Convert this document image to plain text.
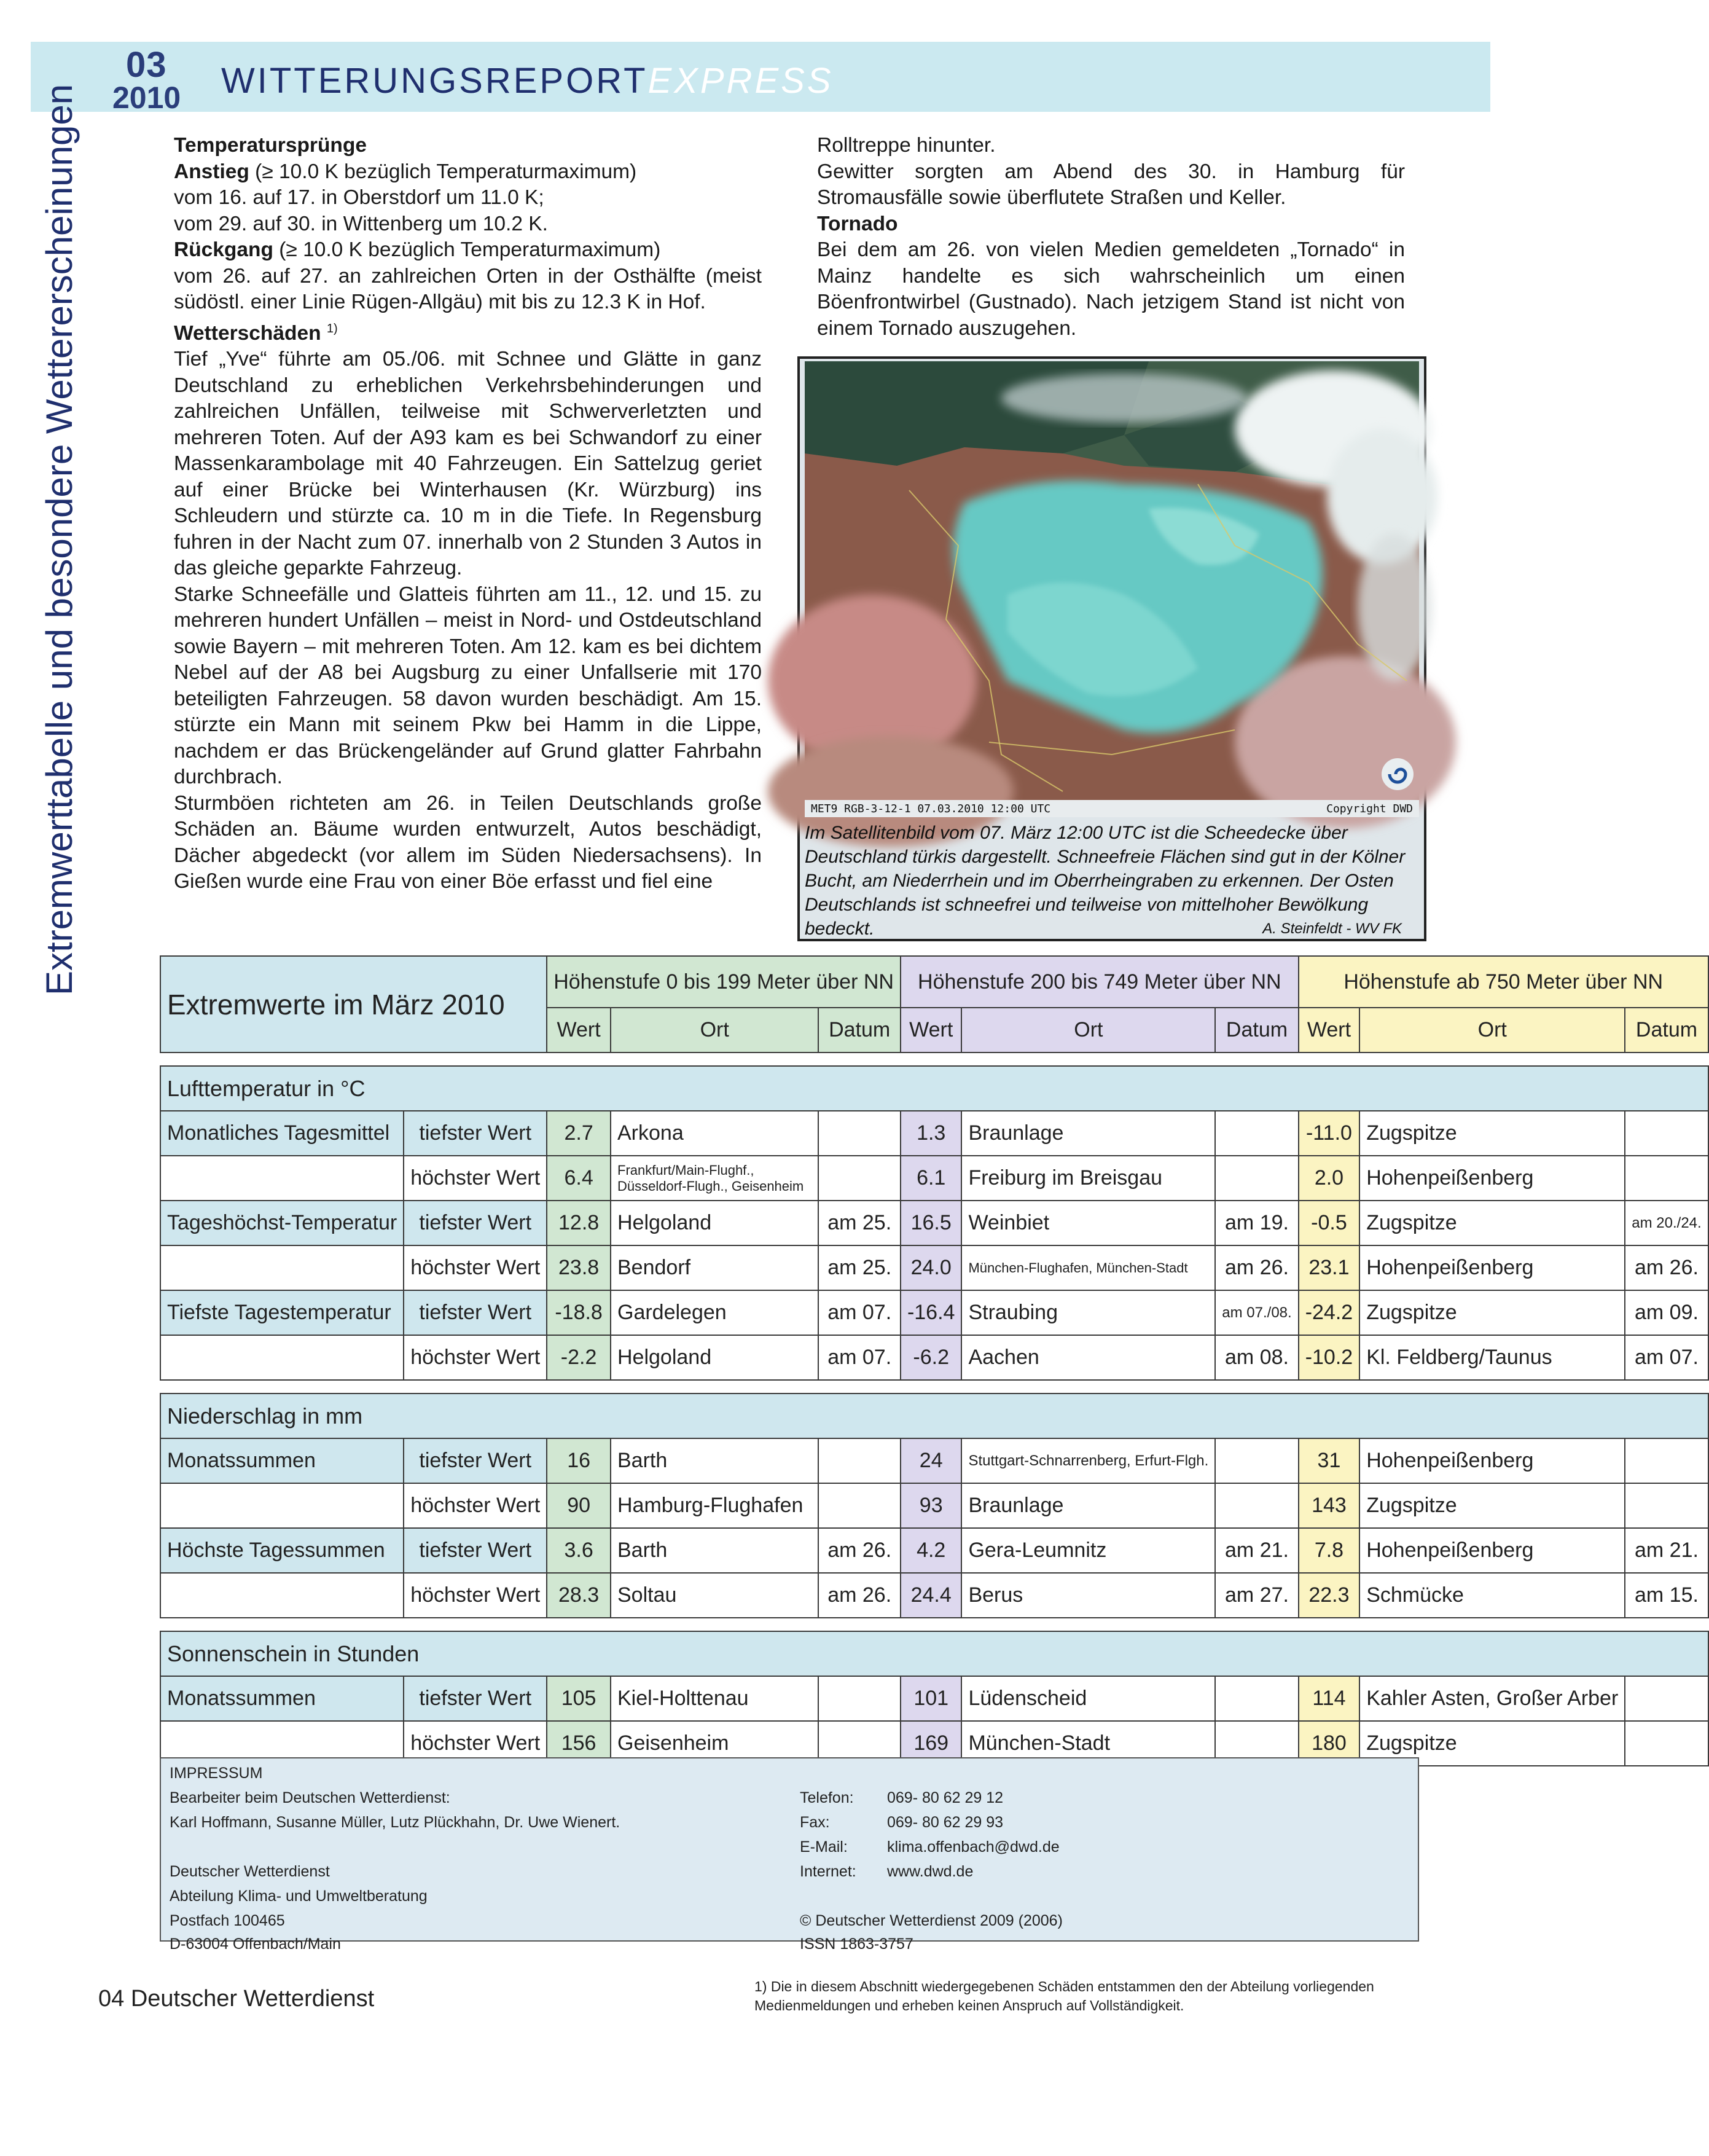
03
2010 WITTERUNGSREPORTEXPRESS
Extremwerttabelle und besondere Wettererscheinungen	Temperatursprünge

Anstieg (≥ 10.0 K bezüglich Temperaturmaximum)

vom 16. auf 17. in Oberstdorf um 11.0 K;

vom 29. auf 30. in Wittenberg um 10.2 K.

Rückgang (≥ 10.0 K bezüglich Temperaturmaximum)

vom 26. auf 27. an zahlreichen Orten in der Osthälfte (meist südöstl. einer Linie Rügen-Allgäu) mit bis zu 12.3 K in Hof.

Wetterschäden $^{1)}$

Tief „Yve“ führte am 05./06. mit Schnee und Glätte in ganz Deutschland zu erheblichen Verkehrsbehinderungen und zahlreichen Unfällen, teilweise mit Schwerverletzten und mehreren Toten. Auf der A93 kam es bei Schwandorf zu einer Massenkarambolage mit 40 Fahrzeugen. Ein Sattelzug geriet auf einer Brücke bei Winterhausen (Kr. Würzburg) ins Schleudern und stürzte ca. 10 m in die Tiefe. In Regensburg fuhren in der Nacht zum 07. innerhalb von 2 Stunden 3 Autos in das gleiche geparkte Fahrzeug.

Starke Schneefälle und Glatteis führten am 11., 12. und 15. zu mehreren hundert Unfällen – meist in Nord- und Ostdeutschland sowie Bayern – mit mehreren Toten. Am 12. kam es bei dichtem Nebel auf der A8 bei Augsburg zu einer Unfallserie mit 170 beteiligten Fahrzeugen. 58 davon wurden beschädigt. Am 15. stürzte ein Mann mit seinem Pkw bei Hamm in die Lippe, nachdem er das Brückengeländer auf Grund glatter Fahrbahn durchbrach.

Sturmböen richteten am 26. in Teilen Deutschlands große Schäden an. Bäume wurden entwurzelt, Autos beschädigt, Dächer abgedeckt (vor allem im Süden Niedersachsens). In Gießen wurde eine Frau von einer Böe erfasst und fiel eine

Rolltreppe hinunter.

Gewitter sorgten am Abend des 30. in Hamburg für Stromausfälle sowie überflutete Straßen und Keller.

Tornado

Bei dem am 26. von vielen Medien gemeldeten „Tornado“ in Mainz handelte es sich wahrscheinlich um einen Böenfrontwirbel (Gustnado). Nach jetzigem Stand ist nicht von einem Tornado auszugehen.

MET9 RGB-3-12-1 07.03.2010 12:00 UTC	Copyright DWD
Im Satellitenbild vom 07. März 12:00 UTC ist die Scheedecke über Deutschland türkis dargestellt. Schneefreie Flächen sind gut in der Kölner Bucht, am Niederrhein und im Oberrheingraben zu erkennen. Der Osten Deutschlands ist schneefrei und teilweise von mittelhoher Bewölkung bedeckt.	A. Steinfeldt - WV FK
Extremwerte im März 2010		Höhenstufe 0 bis 199 Meter über NN			Höhenstufe 200 bis 749 Meter über NN			Höhenstufe ab 750 Meter über NN		
		Wert	Ort	Datum	Wert	Ort	Datum	Wert	Ort	Datum

Lufttemperatur in °C										
Monatliches Tagesmittel	tiefster Wert	2.7	Arkona		1.3	Braunlage		-11.0	Zugspitze	
	höchster Wert	6.4	Frankfurt/Main-Flughf., Düsseldorf-Flugh., Geisenheim		6.1	Freiburg im Breisgau		2.0	Hohenpeißenberg	
Tageshöchst-Temperatur	tiefster Wert	12.8	Helgoland	am 25.	16.5	Weinbiet	am 19.	-0.5	Zugspitze	am 20./24.
	höchster Wert	23.8	Bendorf	am 25.	24.0	München-Flughafen, München-Stadt	am 26.	23.1	Hohenpeißenberg	am 26.
Tiefste Tagestemperatur	tiefster Wert	-18.8	Gardelegen	am 07.	-16.4	Straubing	am 07./08.	-24.2	Zugspitze	am 09.
	höchster Wert	-2.2	Helgoland	am 07.	-6.2	Aachen	am 08.	-10.2	Kl. Feldberg/Taunus	am 07.

Niederschlag in mm										
Monatssummen	tiefster Wert	16	Barth		24	Stuttgart-Schnarrenberg, Erfurt-Flgh.		31	Hohenpeißenberg	
	höchster Wert	90	Hamburg-Flughafen		93	Braunlage		143	Zugspitze	
Höchste Tagessummen	tiefster Wert	3.6	Barth	am 26.	4.2	Gera-Leumnitz	am 21.	7.8	Hohenpeißenberg	am 21.
	höchster Wert	28.3	Soltau	am 26.	24.4	Berus	am 27.	22.3	Schmücke	am 15.

Sonnenschein in Stunden										
Monatssummen	tiefster Wert	105	Kiel-Holttenau		101	Lüdenscheid		114	Kahler Asten, Großer Arber	
	höchster Wert	156	Geisenheim		169	München-Stadt		180	Zugspitze	
IMPRESSUM
Bearbeiter beim Deutschen Wetterdienst:
Karl Hoffmann, Susanne Müller, Lutz Plückhahn, Dr. Uwe Wienert.
Deutscher Wetterdienst
Abteilung Klima- und Umweltberatung
Postfach 100465
D-63004 Offenbach/Main
Telefon: 069- 80 62 29 12
Fax:	069- 80 62 29 93
E-Mail:	klima.offenbach@dwd.de
Internet: www.dwd.de
© Deutscher Wetterdienst 2009 (2006)
ISSN 1863-3757
04 Deutscher Wetterdienst	1) Die in diesem Abschnitt wiedergegebenen Schäden entstammen den der Abteilung vorliegenden Medienmeldungen und erheben keinen Anspruch auf Vollständigkeit.
